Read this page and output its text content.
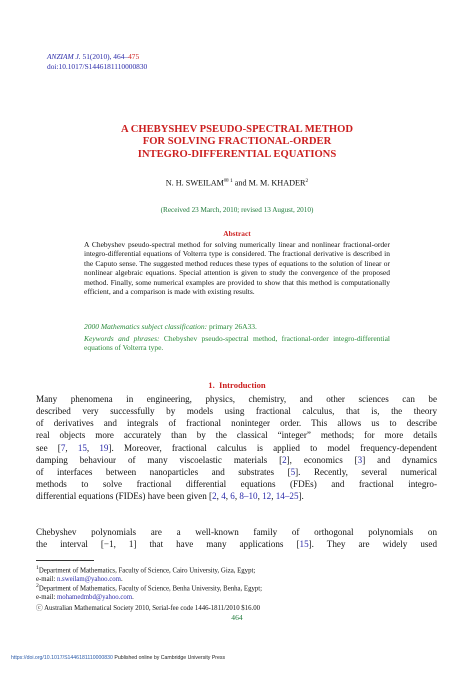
ANZIAM J. 51(2010), 464–475
doi:10.1017/S1446181110000830
A CHEBYSHEV PSEUDO-SPECTRAL METHOD
FOR SOLVING FRACTIONAL-ORDER
INTEGRO-DIFFERENTIAL EQUATIONS
N. H. $SWEILAM^{✉ 1}$ and M. M. KHADER$^2$
(Received 23 March, 2010; revised 13 August, 2010)
Abstract
A Chebyshev pseudo-spectral method for solving numerically linear and nonlinear fractional-order integro-differential equations of Volterra type is considered. The fractional derivative is described in the Caputo sense. The suggested method reduces these types of equations to the solution of linear or nonlinear algebraic equations. Special attention is given to study the convergence of the proposed method. Finally, some numerical examples are provided to show that this method is computationally efficient, and a comparison is made with existing results.
2000 Mathematics subject classification: primary 26A33.
Keywords and phrases: Chebyshev pseudo-spectral method, fractional-order integro-differential equations of Volterra type.
1. Introduction
Many phenomena in engineering, physics, chemistry, and other sciences can be
described very successfully by models using fractional calculus, that is, the theory
of derivatives and integrals of fractional noninteger order. This allows us to describe
real objects more accurately than by the classical “integer” methods; for more details
see [7, 15, 19]. Moreover, fractional calculus is applied to model frequency-dependent
damping behaviour of many viscoelastic materials [2], economics [3] and dynamics
of interfaces between nanoparticles and substrates [5]. Recently, several numerical
methods to solve fractional differential equations (FDEs) and fractional integro-
differential equations (FIDEs) have been given [2, 4, 6, 8–10, 12, 14–25].
Chebyshev polynomials are a well-known family of orthogonal polynomials on
the interval [−1, 1] that have many applications [15]. They are widely used
$^1$Department of Mathematics, Faculty of Science, Cairo University, Giza, Egypt;
e-mail: n.sweilam@yahoo.com.
$^2$Department of Mathematics, Faculty of Science, Benha University, Benha, Egypt;
e-mail: mohamedmbd@yahoo.com.
ⓒ Australian Mathematical Society 2010, Serial-fee code 1446-1811/2010 $16.00
464
https://doi.org/10.1017/S1446181110000830 Published online by Cambridge University Press
